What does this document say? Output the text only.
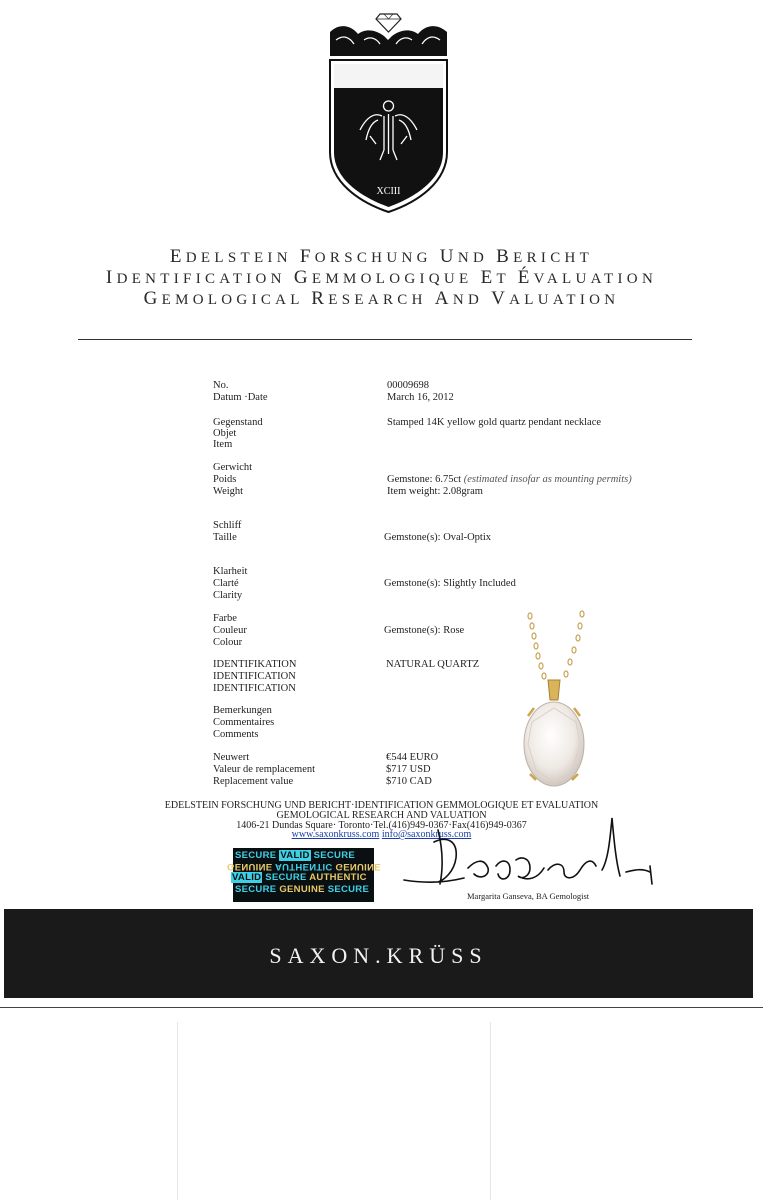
XCIII
EDELSTEIN FORSCHUNG UND BERICHT
IDENTIFICATION GEMMOLOGIQUE ET ÉVALUATION
GEMOLOGICAL RESEARCH AND VALUATION
No.
Datum ·Date
00009698
March 16, 2012
Gegenstand
Objet
Item
Stamped 14K yellow gold quartz pendant necklace
Gerwicht
Poids
Weight
Gemstone: 6.75ct (estimated insofar as mounting permits)
Item weight: 2.08gram
Schliff
Taille	Gemstone(s): Oval-Optix
Klarheit
Clarté
Clarity
Gemstone(s): Slightly Included
Farbe
Couleur
Colour
Gemstone(s): Rose
IDENTIFIKATION
IDENTIFICATION
IDENTIFICATION
NATURAL QUARTZ
Bemerkungen
Commentaires
Comments
Neuwert
Valeur de remplacement
Replacement value
€544 EURO
$717 USD
$710 CAD
EDELSTEIN FORSCHUNG UND BERICHT·IDENTIFICATION GEMMOLOGIQUE ET EVALUATION
GEMOLOGICAL RESEARCH AND VALUATION
1406-21 Dundas Square· Toronto·Tel.(416)949-0367·Fax(416)949-0367
www.saxonkruss.com info@saxonkruss.com
SECURE VALID SECURE
GENUINE AUTHENTIC GENUINE
VALID SECURE AUTHENTIC
SECURE GENUINE SECURE
Margarita Ganseva, BA Gemologist
SAXON.KRÜSS
